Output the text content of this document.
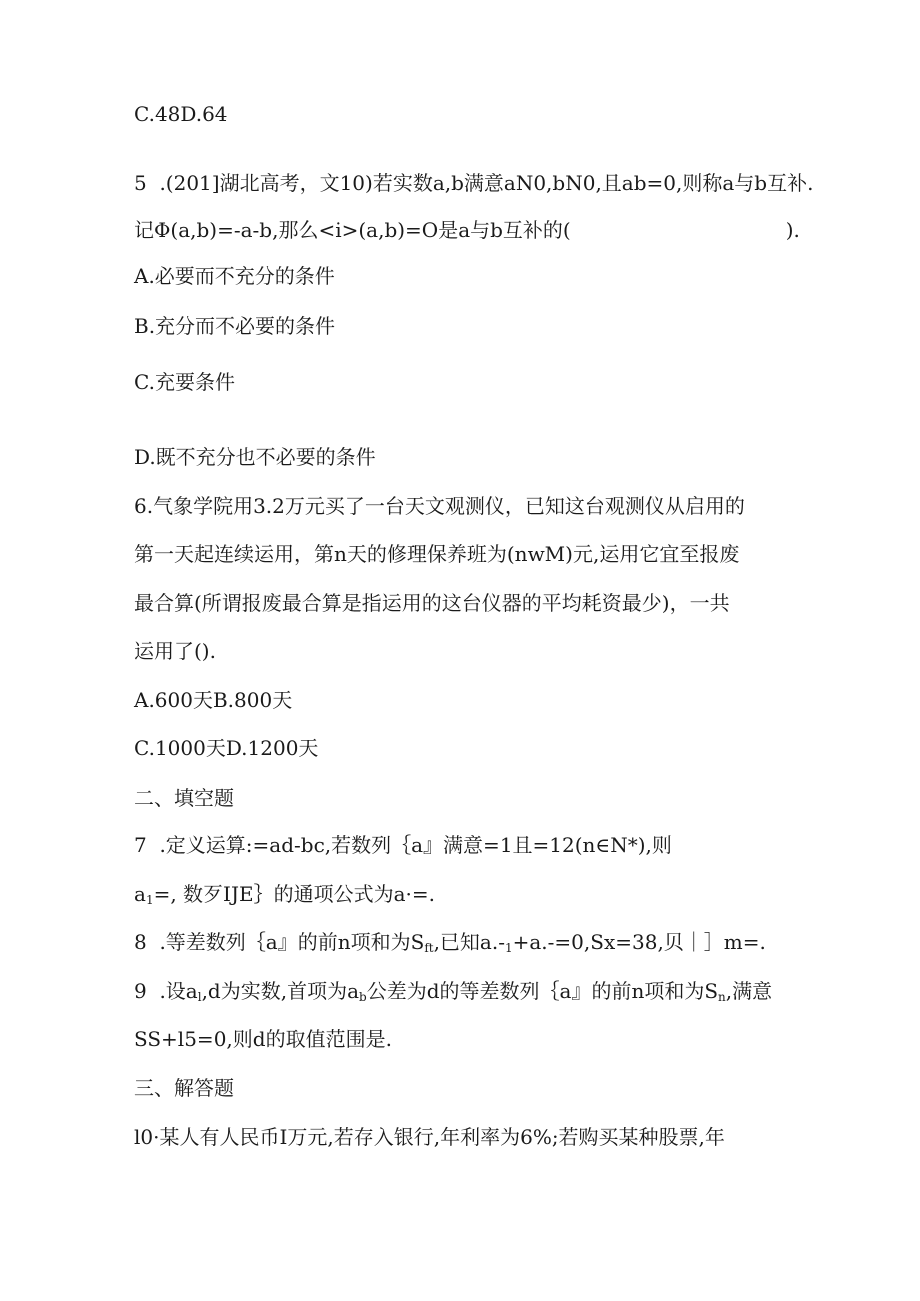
C.48D.64
5  .(201]湖北高考，文10)若实数a,b满意aN0,bN0,且ab=0,则称a与b互补.
记Φ(a,b)=-a-b,那么<i>(a,b)=O是a与b互补的(	).
A.必要而不充分的条件
B.充分而不必要的条件
C.充要条件
D.既不充分也不必要的条件
6.气象学院用3.2万元买了一台天文观测仪，已知这台观测仪从启用的
第一天起连续运用，第n天的修理保养班为(nwM)元,运用它宜至报废
最合算(所谓报废最合算是指运用的这台仪器的平均耗资最少)，一共
运用了().
A.600天B.800天
C.1000天D.1200天
二、填空题
7  .定义运算:=ad-bc,若数列｛a』满意=1且=12(n∈N*),则
$a_1=$, 数歹IJE｝的通项公式为a·=.
8  .等差数列｛a』的前n项和为$S_{ft}$,已知$a.-_1+a.-=0,Sx=38$,贝｜］m=.
9  .设$a_l,d$为实数,首项为$a_b$公差为d的等差数列｛a』的前n项和为$S_n$,满意
SS+l5=0,则d的取值范围是.
三、解答题
l0·某人有人民币I万元,若存入银行,年利率为6%;若购买某种股票,年
